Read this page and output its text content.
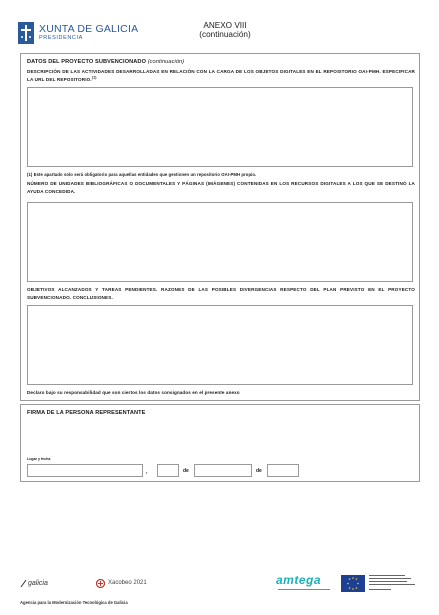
XUNTA DE GALICIA
PRESIDENCIA
ANEXO VIII
(continuación)
DATOS DEL PROYECTO SUBVENCIONADO (continuación)
DESCRIPCIÓN DE LAS ACTIVIDADES DESARROLLADAS EN RELACIÓN CON LA CARGA DE LOS OBJETOS DIGITALES EN EL REPOSITORIO OAI-PMH. ESPECIFICAR LA URL DEL REPOSITORIO.$^{(1)}$
(1) Este apartado solo será obligatorio para aquellas entidades que gestionen un repositorio OAI-PMH propio.
NÚMERO DE UNIDADES BIBLIOGRÁFICAS O DOCUMENTALES Y PÁGINAS (IMÁGENES) CONTENIDAS EN LOS RECURSOS DIGITALES A LOS QUE SE DESTINÓ LA AYUDA CONCEDIDA.
OBJETIVOS ALCANZADOS Y TAREAS PENDIENTES. RAZONES DE LAS POSIBLES DIVERGENCIAS RESPECTO DEL PLAN PREVISTO EN EL PROYECTO SUBVENCIONADO. CONCLUSIONES.
Declaro bajo su responsabilidad que son ciertos los datos consignados en el presente anexo
FIRMA DE LA PERSONA REPRESENTANTE
Lugar y fecha
,	de	de
galicia	Xacobeo 2021	amtega
Agencia para la Modernización Tecnológica de Galicia
